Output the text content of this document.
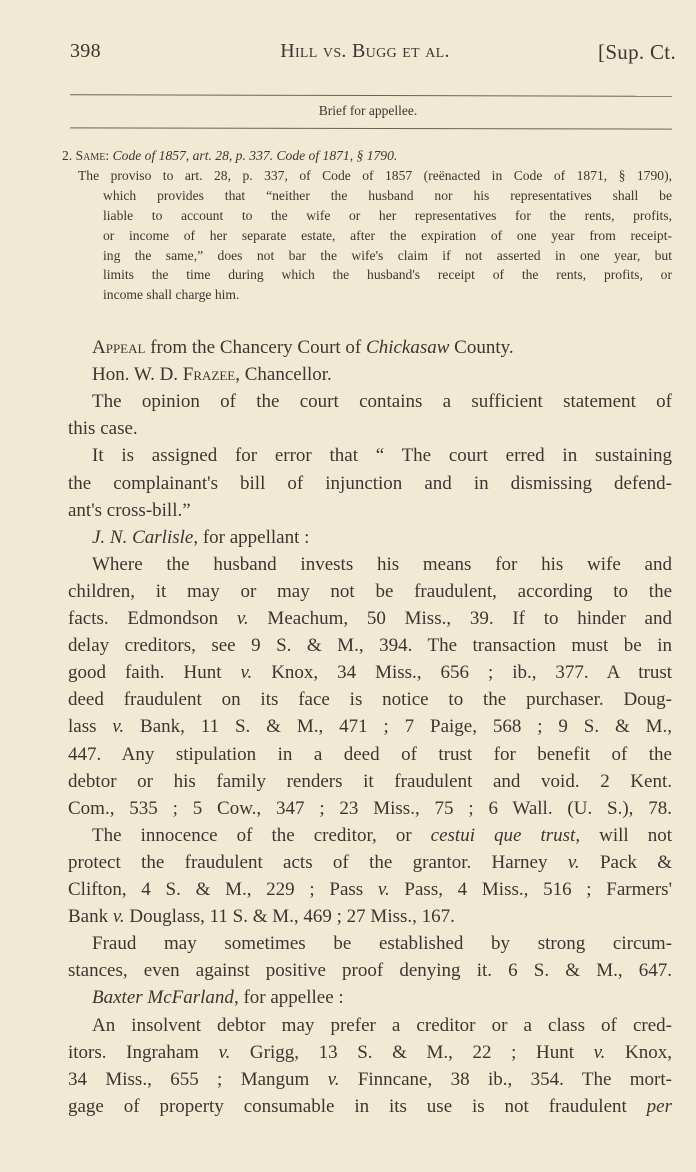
398	Hill vs. Bugg et al.	[Sup. Ct.
Brief for appellee.
2. Same: Code of 1857, art. 28, p. 337. Code of 1871, § 1790.
The proviso to art. 28, p. 337, of Code of 1857 (reënacted in Code of 1871, § 1790),
which provides that “neither the husband nor his representatives shall be
liable to account to the wife or her representatives for the rents, profits,
or income of her separate estate, after the expiration of one year from receipt-
ing the same,” does not bar the wife's claim if not asserted in one year, but
limits the time during which the husband's receipt of the rents, profits, or
income shall charge him.
Appeal from the Chancery Court of Chickasaw County.
Hon. W. D. Frazee, Chancellor.
The opinion of the court contains a sufficient statement of
this case.
It is assigned for error that “ The court erred in sustaining
the complainant's bill of injunction and in dismissing defend-
ant's cross-bill.”
J. N. Carlisle, for appellant :
Where the husband invests his means for his wife and
children, it may or may not be fraudulent, according to the
facts. Edmondson v. Meachum, 50 Miss., 39. If to hinder and
delay creditors, see 9 S. & M., 394. The transaction must be in
good faith. Hunt v. Knox, 34 Miss., 656 ; ib., 377. A trust
deed fraudulent on its face is notice to the purchaser. Doug-
lass v. Bank, 11 S. & M., 471 ; 7 Paige, 568 ; 9 S. & M.,
447. Any stipulation in a deed of trust for benefit of the
debtor or his family renders it fraudulent and void. 2 Kent.
Com., 535 ; 5 Cow., 347 ; 23 Miss., 75 ; 6 Wall. (U. S.), 78.
The innocence of the creditor, or cestui que trust, will not
protect the fraudulent acts of the grantor. Harney v. Pack &
Clifton, 4 S. & M., 229 ; Pass v. Pass, 4 Miss., 516 ; Farmers'
Bank v. Douglass, 11 S. & M., 469 ; 27 Miss., 167.
Fraud may sometimes be established by strong circum-
stances, even against positive proof denying it. 6 S. & M., 647.
Baxter McFarland, for appellee :
An insolvent debtor may prefer a creditor or a class of cred-
itors. Ingraham v. Grigg, 13 S. & M., 22 ; Hunt v. Knox,
34 Miss., 655 ; Mangum v. Finncane, 38 ib., 354. The mort-
gage of property consumable in its use is not fraudulent per
